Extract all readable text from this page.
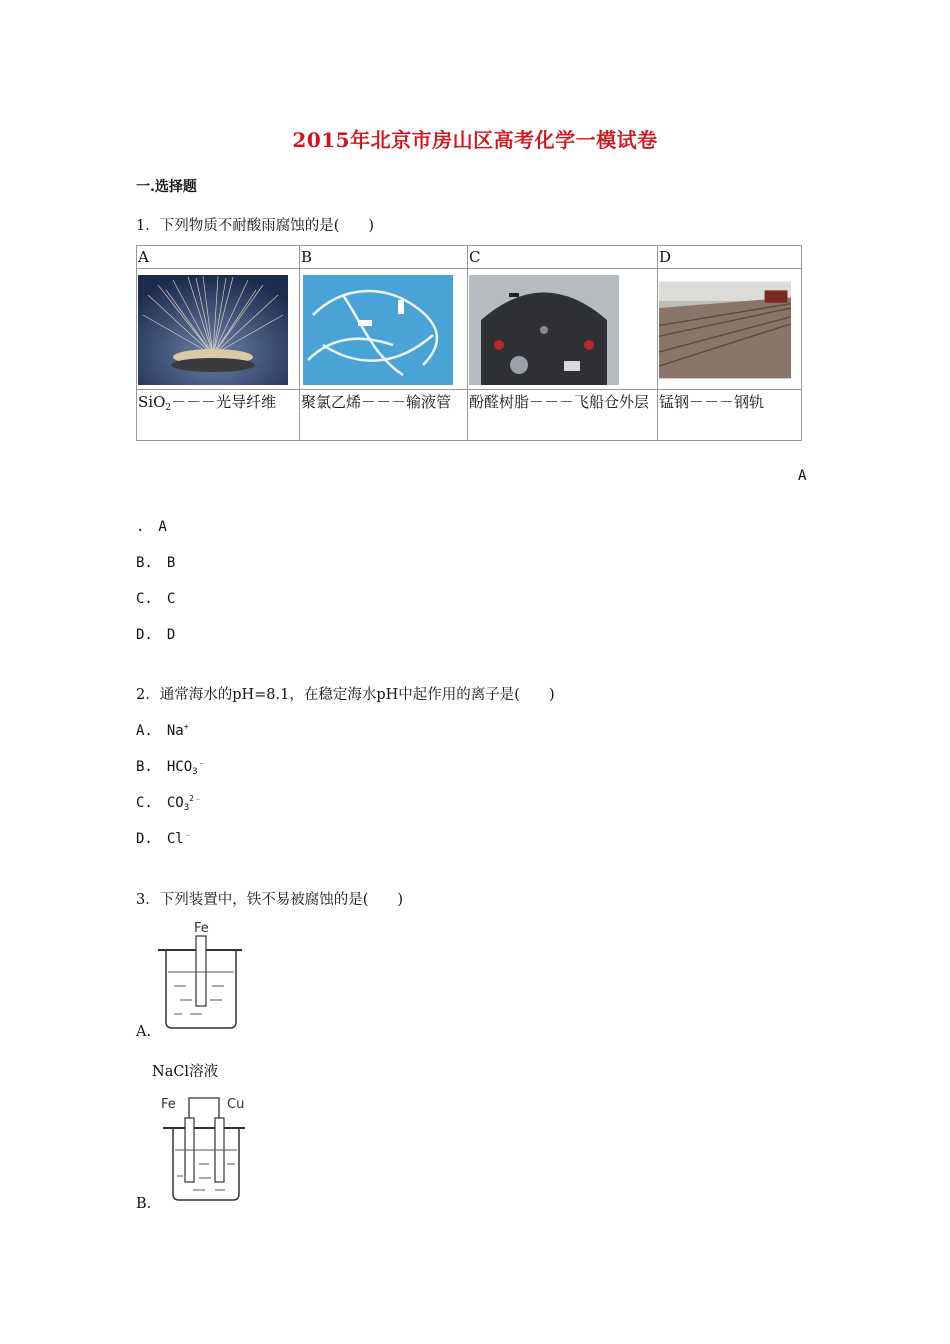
2015年北京市房山区高考化学一模试卷
一.选择题
1．下列物质不耐酸雨腐蚀的是(　　)
A	B	C	D

SiO$_2$－－－光导纤维	聚氯乙烯－－－输液管	酚醛树脂－－－飞船仓外层	锰钢－－－钢轨
A
.　A
B.　B
C.　C
D.　D
2．通常海水的pH=8.1，在稳定海水pH中起作用的离子是(　　)
A.　Na+
B.　$HCO_3^﹣$
C.　$CO_3^{2﹣}$
D.　Cl﹣
3．下列装置中，铁不易被腐蚀的是(　　)
Fe
A.
NaCl溶液
Fe	Cu
B.
